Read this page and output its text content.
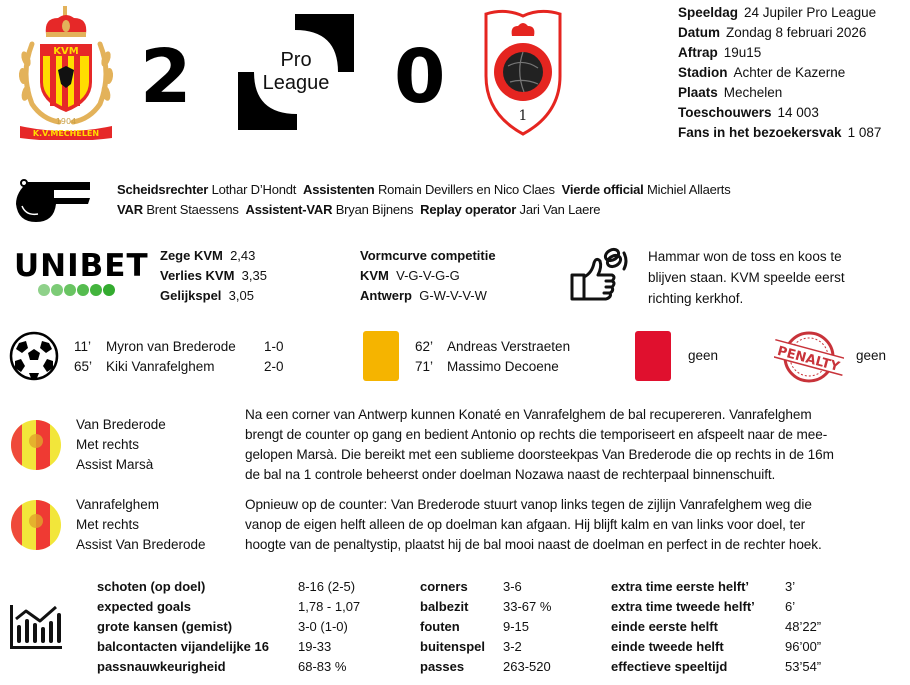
KVM
1904
K.V.MECHELEN
2	Pro
League 0	1
Speeldag 24 Jupiler Pro League
Datum Zondag 8 februari 2026
Aftrap 19u15
Stadion Achter de Kazerne
Plaats Mechelen
Toeschouwers 14 003
Fans in het bezoekersvak 1 087
Scheidsrechter Lothar D’Hondt Assistenten Romain Devillers en Nico Claes Vierde official Michiel Allaerts
VAR Brent Staessens Assistent-VAR Bryan Bijnens Replay operator Jari Van Laere
UNIBET Zege KVM 2,43
Verlies KVM 3,35
Gelijkspel 3,05
Vormcurve competitie
KVM V-G-V-G-G
Antwerp G-W-V-V-W
Hammar won de toss en koos te
blijven staan. KVM speelde eerst
richting kerkhof.
11’ Myron van Brederode 1-0
65’ Kiki Vanrafelghem	2-0
62’ Andreas Verstraeten
71’ Massimo Decoene
geen	PENALTY geen
Van Brederode
Met rechts
Assist Marsà
Na een corner van Antwerp kunnen Konaté en Vanrafelghem de bal recupereren. Vanrafelghem
brengt de counter op gang en bedient Antonio op rechts die temporiseert en afspeelt naar de mee-
gelopen Marsà. Die bereikt met een sublieme doorsteekpas Van Brederode die op rechts in de 16m
de bal na 1 controle beheerst onder doelman Nozawa naast de rechterpaal binnenschuift.
Vanrafelghem
Met rechts
Assist Van Brederode
Opnieuw op de counter: Van Brederode stuurt vanop links tegen de zijlijn Vanrafelghem weg die
vanop de eigen helft alleen de op doelman kan afgaan. Hij blijft kalm en van links voor doel, ter
hoogte van de penaltystip, plaatst hij de bal mooi naast de doelman en perfect in de rechter hoek.
schoten (op doel)	8-16 (2-5)
expected goals	1,78 - 1,07
grote kansen (gemist)	3-0 (1-0)
balcontacten vijandelijke 16	19-33
passnauwkeurigheid	68-83 %
corners	3-6
balbezit	33-67 %
fouten	9-15
buitenspel	3-2
passes	263-520
extra time eerste helft’	3’
extra time tweede helft’	6’
einde eerste helft	48’22”
einde tweede helft	96’00”
effectieve speeltijd	53’54”
